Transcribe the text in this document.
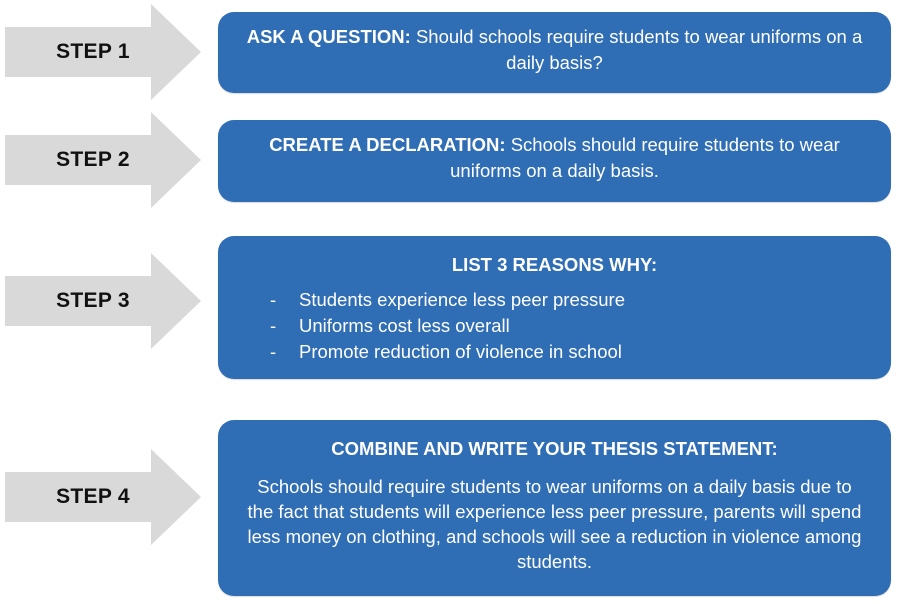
STEP 1
ASK A QUESTION: Should schools require students to wear uniforms on a daily basis?
STEP 2
CREATE A DECLARATION: Schools should require students to wear uniforms on a daily basis.
STEP 3
LIST 3 REASONS WHY:
- Students experience less peer pressure
- Uniforms cost less overall
- Promote reduction of violence in school
STEP 4
COMBINE AND WRITE YOUR THESIS STATEMENT:
Schools should require students to wear uniforms on a daily basis due to the fact that students will experience less peer pressure, parents will spend less money on clothing, and schools will see a reduction in violence among students.
